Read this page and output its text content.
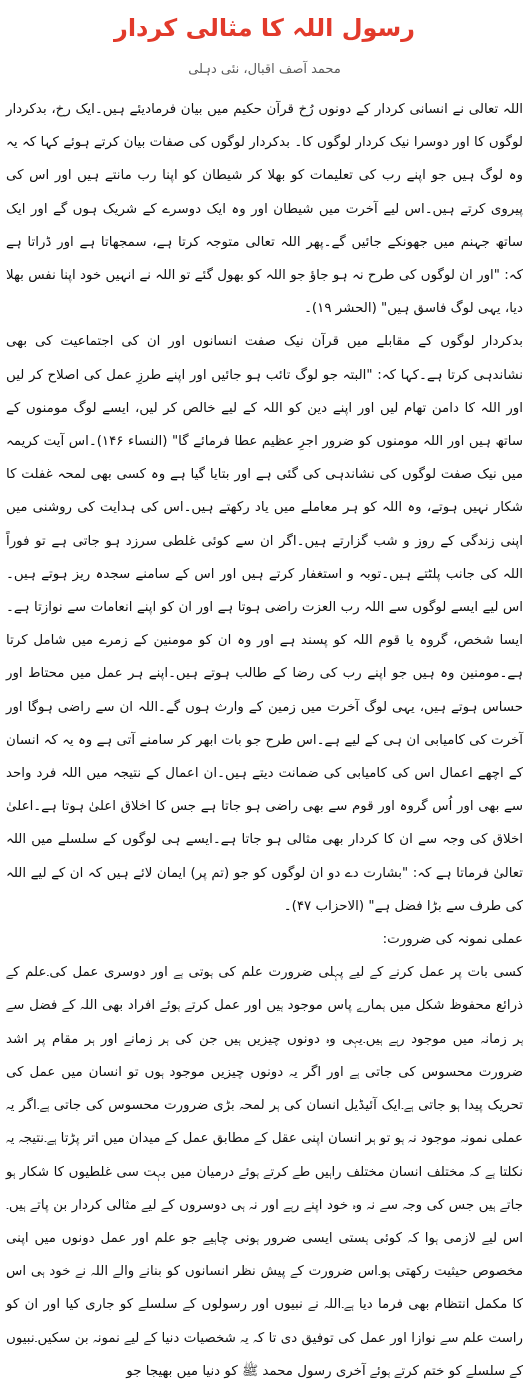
رسول اللہ کا مثالی کردار
محمد آصف اقبال، نئی دہلی

اللہ تعالی نے انسانی کردار کے دونوں رُخ قرآن حکیم میں بیان فرمادیئے ہیں۔ایک رخ، بدکردار لوگوں کا اور دوسرا نیک کردار لوگوں کا۔ بدکردار لوگوں کی صفات بیان کرتے ہوئے کہا کہ یہ وہ لوگ ہیں جو اپنے رب کی تعلیمات کو بھلا کر شیطان کو اپنا رب مانتے ہیں اور اس کی پیروی کرتے ہیں۔اس لیے آخرت میں شیطان اور وہ ایک دوسرے کے شریک ہوں گے اور ایک ساتھ جہنم میں جھونکے جائیں گے۔پھر اللہ تعالی متوجہ کرتا ہے، سمجھاتا ہے اور ڈراتا ہے کہ: "اور ان لوگوں کی طرح نہ ہو جاؤ جو اللہ کو بھول گئے تو اللہ نے انہیں خود اپنا نفس بھلا دیا، یہی لوگ فاسق ہیں" (الحشر ۱۹)۔

بدکردار لوگوں کے مقابلے میں قرآن نیک صفت انسانوں اور ان کی اجتماعیت کی بھی نشاندہی کرتا ہے۔کہا کہ: "البتہ جو لوگ تائب ہو جائیں اور اپنے طرزِ عمل کی اصلاح کر لیں اور اللہ کا دامن تھام لیں اور اپنے دین کو اللہ کے لیے خالص کر لیں، ایسے لوگ مومنوں کے ساتھ ہیں اور اللہ مومنوں کو ضرور اجرِ عظیم عطا فرمائے گا" (النساء ۱۴۶)۔اس آیت کریمہ میں نیک صفت لوگوں کی نشاندہی کی گئی ہے اور بتایا گیا ہے وہ کسی بھی لمحہ غفلت کا شکار نہیں ہوتے، وہ اللہ کو ہر معاملے میں یاد رکھتے ہیں۔اس کی ہدایت کی روشنی میں اپنی زندگی کے روز و شب گزارتے ہیں۔اگر ان سے کوئی غلطی سرزد ہو جاتی ہے تو فوراً اللہ کی جانب پلٹتے ہیں۔توبہ و استغفار کرتے ہیں اور اس کے سامنے سجدہ ریز ہوتے ہیں۔اس لیے ایسے لوگوں سے اللہ رب العزت راضی ہوتا ہے اور ان کو اپنے انعامات سے نوازتا ہے۔ایسا شخص، گروہ یا قوم اللہ کو پسند ہے اور وہ ان کو مومنین کے زمرے میں شامل کرتا ہے۔مومنین وہ ہیں جو اپنے رب کی رضا کے طالب ہوتے ہیں۔اپنے ہر عمل میں محتاط اور حساس ہوتے ہیں، یہی لوگ آخرت میں زمین کے وارث ہوں گے۔اللہ ان سے راضی ہوگا اور آخرت کی کامیابی ان ہی کے لیے ہے۔اس طرح جو بات ابھر کر سامنے آتی ہے وہ یہ کہ انسان کے اچھے اعمال اس کی کامیابی کی ضمانت دیتے ہیں۔ان اعمال کے نتیجہ میں اللہ فرد واحد سے بھی اور اُس گروہ اور قوم سے بھی راضی ہو جاتا ہے جس کا اخلاق اعلیٰ ہوتا ہے۔اعلیٰ اخلاق کی وجہ سے ان کا کردار بھی مثالی ہو جاتا ہے۔ایسے ہی لوگوں کے سلسلے میں اللہ تعالیٰ فرماتا ہے کہ: "بشارت دے دو ان لوگوں کو جو (تم پر) ایمان لائے ہیں کہ ان کے لیے اللہ کی طرف سے بڑا فضل ہے" (الاحزاب ۴۷)۔

عملی نمونہ کی ضرورت:

کسی بات پر عمل کرنے کے لیے پہلی ضرورت علم کی ہوتی ہے اور دوسری عمل کی۔علم کے ذرائع محفوظ شکل میں ہمارے پاس موجود ہیں اور عمل کرتے ہوئے افراد بھی اللہ کے فضل سے ہر زمانہ میں موجود رہے ہیں۔یہی وہ دونوں چیزیں ہیں جن کی ہر زمانے اور ہر مقام پر اشد ضرورت محسوس کی جاتی ہے اور اگر یہ دونوں چیزیں موجود ہوں تو انسان میں عمل کی تحریک پیدا ہو جاتی ہے۔ایک آئیڈیل انسان کی ہر لمحہ بڑی ضرورت محسوس کی جاتی ہے۔اگر یہ عملی نمونہ موجود نہ ہو تو ہر انسان اپنی عقل کے مطابق عمل کے میدان میں اتر پڑتا ہے۔نتیجہ یہ نکلتا ہے کہ مختلف انسان مختلف راہیں طے کرتے ہوئے درمیان میں بہت سی غلطیوں کا شکار ہو جاتے ہیں جس کی وجہ سے نہ وہ خود اپنے رہے اور نہ ہی دوسروں کے لیے مثالی کردار بن پاتے ہیں۔اس لیے لازمی ہوا کہ کوئی ہستی ایسی ضرور ہونی چاہیے جو علم اور عمل دونوں میں اپنی مخصوص حیثیت رکھتی ہو۔اس ضرورت کے پیش نظر انسانوں کو بنانے والے اللہ نے خود ہی اس کا مکمل انتظام بھی فرما دیا ہے۔اللہ نے نبیوں اور رسولوں کے سلسلے کو جاری کیا اور ان کو راست علم سے نوازا اور عمل کی توفیق دی تا کہ یہ شخصیات دنیا کے لیے نمونہ بن سکیں۔نبیوں کے سلسلے کو ختم کرتے ہوئے آخری رسول محمد ﷺ کو دنیا میں بھیجا جو
